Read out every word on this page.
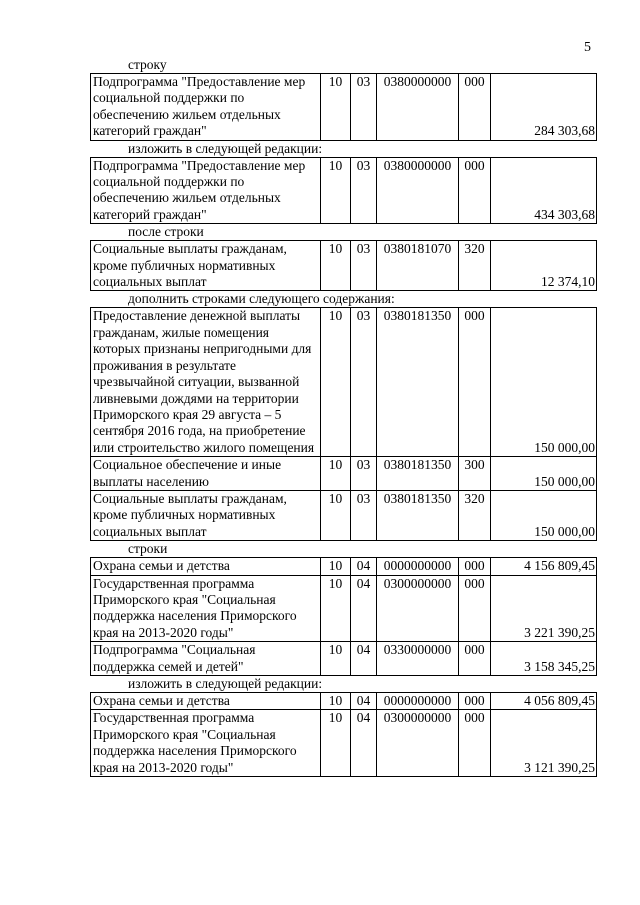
5
строку
Подпрограмма "Предоставление мер социальной поддержки по обеспечению жильем отдельных категорий граждан"	10	03	0380000000	000	284 303,68
изложить в следующей редакции:
Подпрограмма "Предоставление мер социальной поддержки по обеспечению жильем отдельных категорий граждан"	10	03	0380000000	000	434 303,68
после строки
Социальные выплаты гражданам, кроме публичных нормативных социальных выплат	10	03	0380181070	320	12 374,10
дополнить строками следующего содержания:
Предоставление денежной выплаты гражданам, жилые помещения которых признаны непригодными для проживания в результате чрезвычайной ситуации, вызванной ливневыми дождями на территории Приморского края 29 августа – 5 сентября 2016 года, на приобретение или строительство жилого помещения	10	03	0380181350	000	150 000,00
Социальное обеспечение и иные выплаты населению	10	03	0380181350	300	150 000,00
Социальные выплаты гражданам, кроме публичных нормативных социальных выплат	10	03	0380181350	320	150 000,00
строки
Охрана семьи и детства	10	04	0000000000	000	4 156 809,45
Государственная программа Приморского края "Социальная поддержка населения Приморского края на 2013-2020 годы"	10	04	0300000000	000	3 221 390,25
Подпрограмма "Социальная поддержка семей и детей"	10	04	0330000000	000	3 158 345,25
изложить в следующей редакции:
Охрана семьи и детства	10	04	0000000000	000	4 056 809,45
Государственная программа Приморского края "Социальная поддержка населения Приморского края на 2013-2020 годы"	10	04	0300000000	000	3 121 390,25
